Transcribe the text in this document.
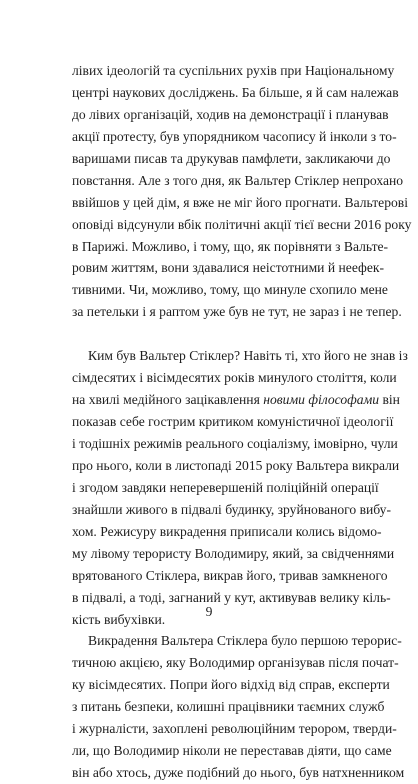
лівих ідеологій та суспільних рухів при Національному
центрі наукових досліджень. Ба більше, я й сам належав
до лівих організацій, ходив на демонстрації і планував
акції протесту, був упорядником часопису й інколи з то-
варишами писав та друкував памфлети, закликаючи до
повстання. Але з того дня, як Вальтер Стіклер непрохано
ввійшов у цей дім, я вже не міг його прогнати. Вальтерові
оповіді відсунули вбік політичні акції тієї весни 2016 року
в Парижі. Можливо, і тому, що, як порівняти з Вальте-
ровим життям, вони здавалися неістотними й неефек-
тивними. Чи, можливо, тому, що минуле схопило мене
за петельки і я раптом уже був не тут, не зараз і не тепер.
Ким був Вальтер Стіклер? Навіть ті, хто його не знав із
сімдесятих і вісімдесятих років минулого століття, коли
на хвилі медійного зацікавлення новими філософами він
показав себе гострим критиком комуністичної ідеології
і тодішніх режимів реального соціалізму, імовірно, чули
про нього, коли в листопаді 2015 року Вальтера викрали
і згодом завдяки неперевершеній поліційній операції
знайшли живого в підвалі будинку, зруйнованого вибу-
хом. Режисуру викрадення приписали колись відомо-
му лівому терористу Володимиру, який, за свідченнями
врятованого Стіклера, викрав його, тривав замкненого
в підвалі, а тоді, загнаний у кут, активував велику кіль-
кість вибухівки.
Викрадення Вальтера Стіклера було першою терорис-
тичною акцією, яку Володимир організував після почат-
ку вісімдесятих. Попри його відхід від справ, експерти
з питань безпеки, колишні працівники таємних служб
і журналісти, захоплені революційним терором, тверди-
ли, що Володимир ніколи не переставав діяти, що саме
він або хтось, дуже подібний до нього, був натхненником
9
